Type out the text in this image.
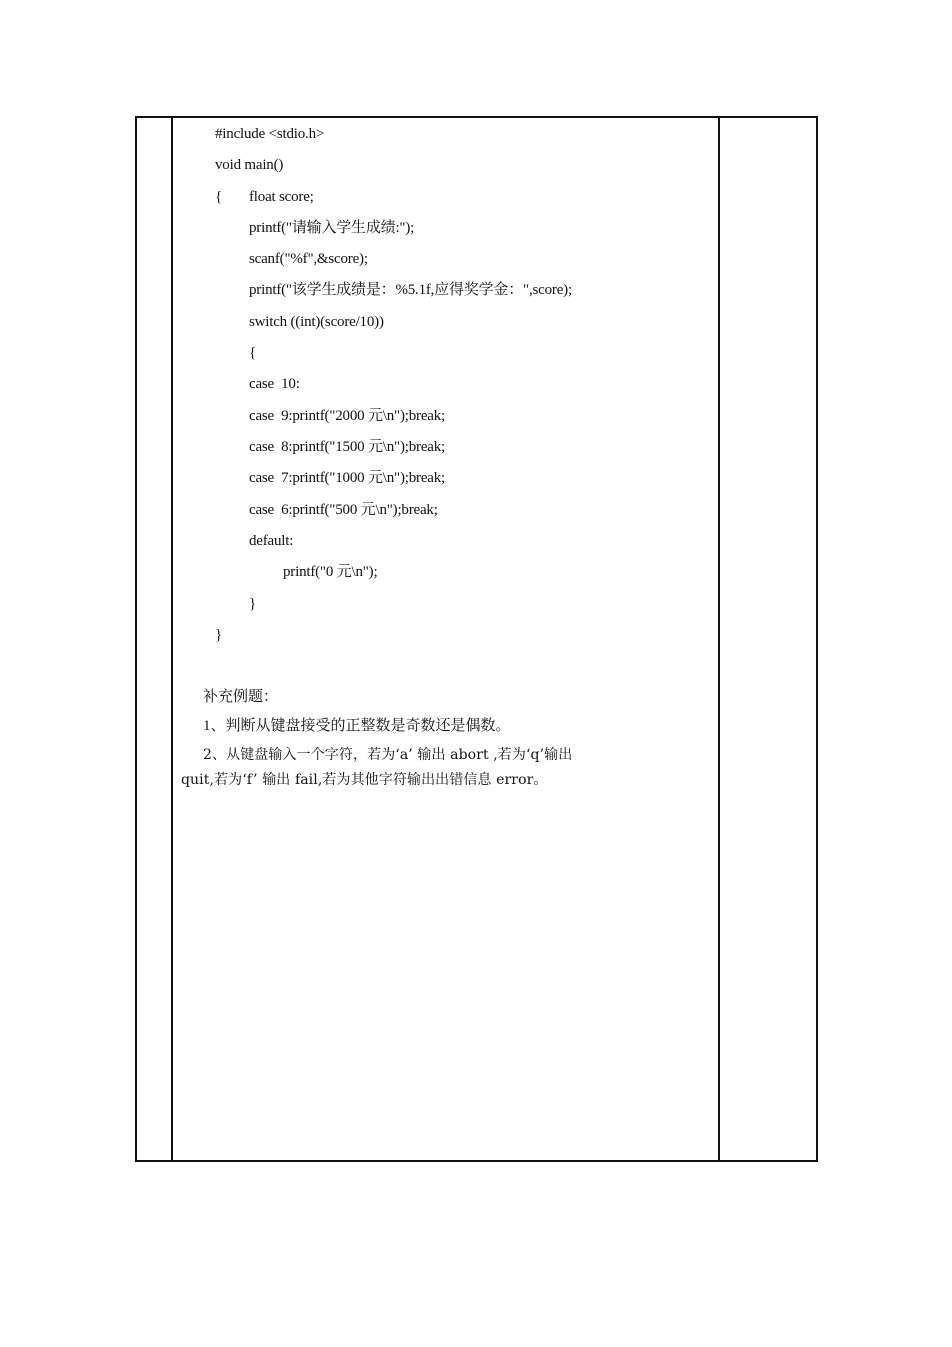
#include <stdio.h>
void main()
{ float score;
printf("请输入学生成绩:");
scanf("%f",&score);
printf("该学生成绩是：%5.1f,应得奖学金：",score);
switch ((int)(score/10))
{
case  10:
case  9:printf("2000 元\n");break;
case  8:printf("1500 元\n");break;
case  7:printf("1000 元\n");break;
case  6:printf("500 元\n");break;
default:
printf("0 元\n");
}
}
补充例题：
1、判断从键盘接受的正整数是奇数还是偶数。
2、从键盘输入一个字符，若为‘a’ 输出 abort ,若为‘q’输出
quit,若为‘f’ 输出 fail,若为其他字符输出出错信息 error。
